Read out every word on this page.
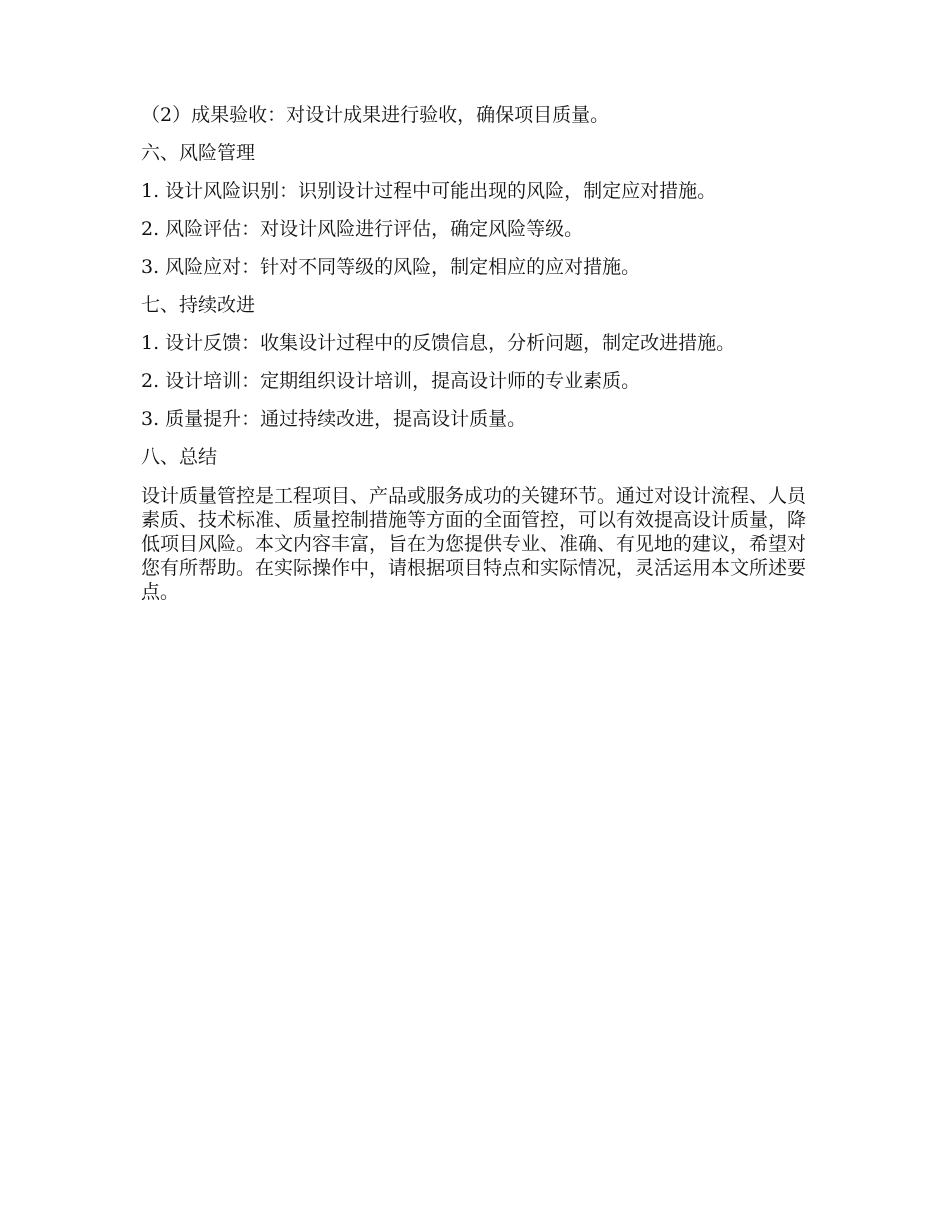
（2）成果验收：对设计成果进行验收，确保项目质量。

六、风险管理

1. 设计风险识别：识别设计过程中可能出现的风险，制定应对措施。

2. 风险评估：对设计风险进行评估，确定风险等级。

3. 风险应对：针对不同等级的风险，制定相应的应对措施。

七、持续改进

1. 设计反馈：收集设计过程中的反馈信息，分析问题，制定改进措施。

2. 设计培训：定期组织设计培训，提高设计师的专业素质。

3. 质量提升：通过持续改进，提高设计质量。

八、总结

设计质量管控是工程项目、产品或服务成功的关键环节。通过对设计流程、人员素质、技术标准、质量控制措施等方面的全面管控，可以有效提高设计质量，降低项目风险。本文内容丰富，旨在为您提供专业、准确、有见地的建议，希望对您有所帮助。在实际操作中，请根据项目特点和实际情况，灵活运用本文所述要点。
